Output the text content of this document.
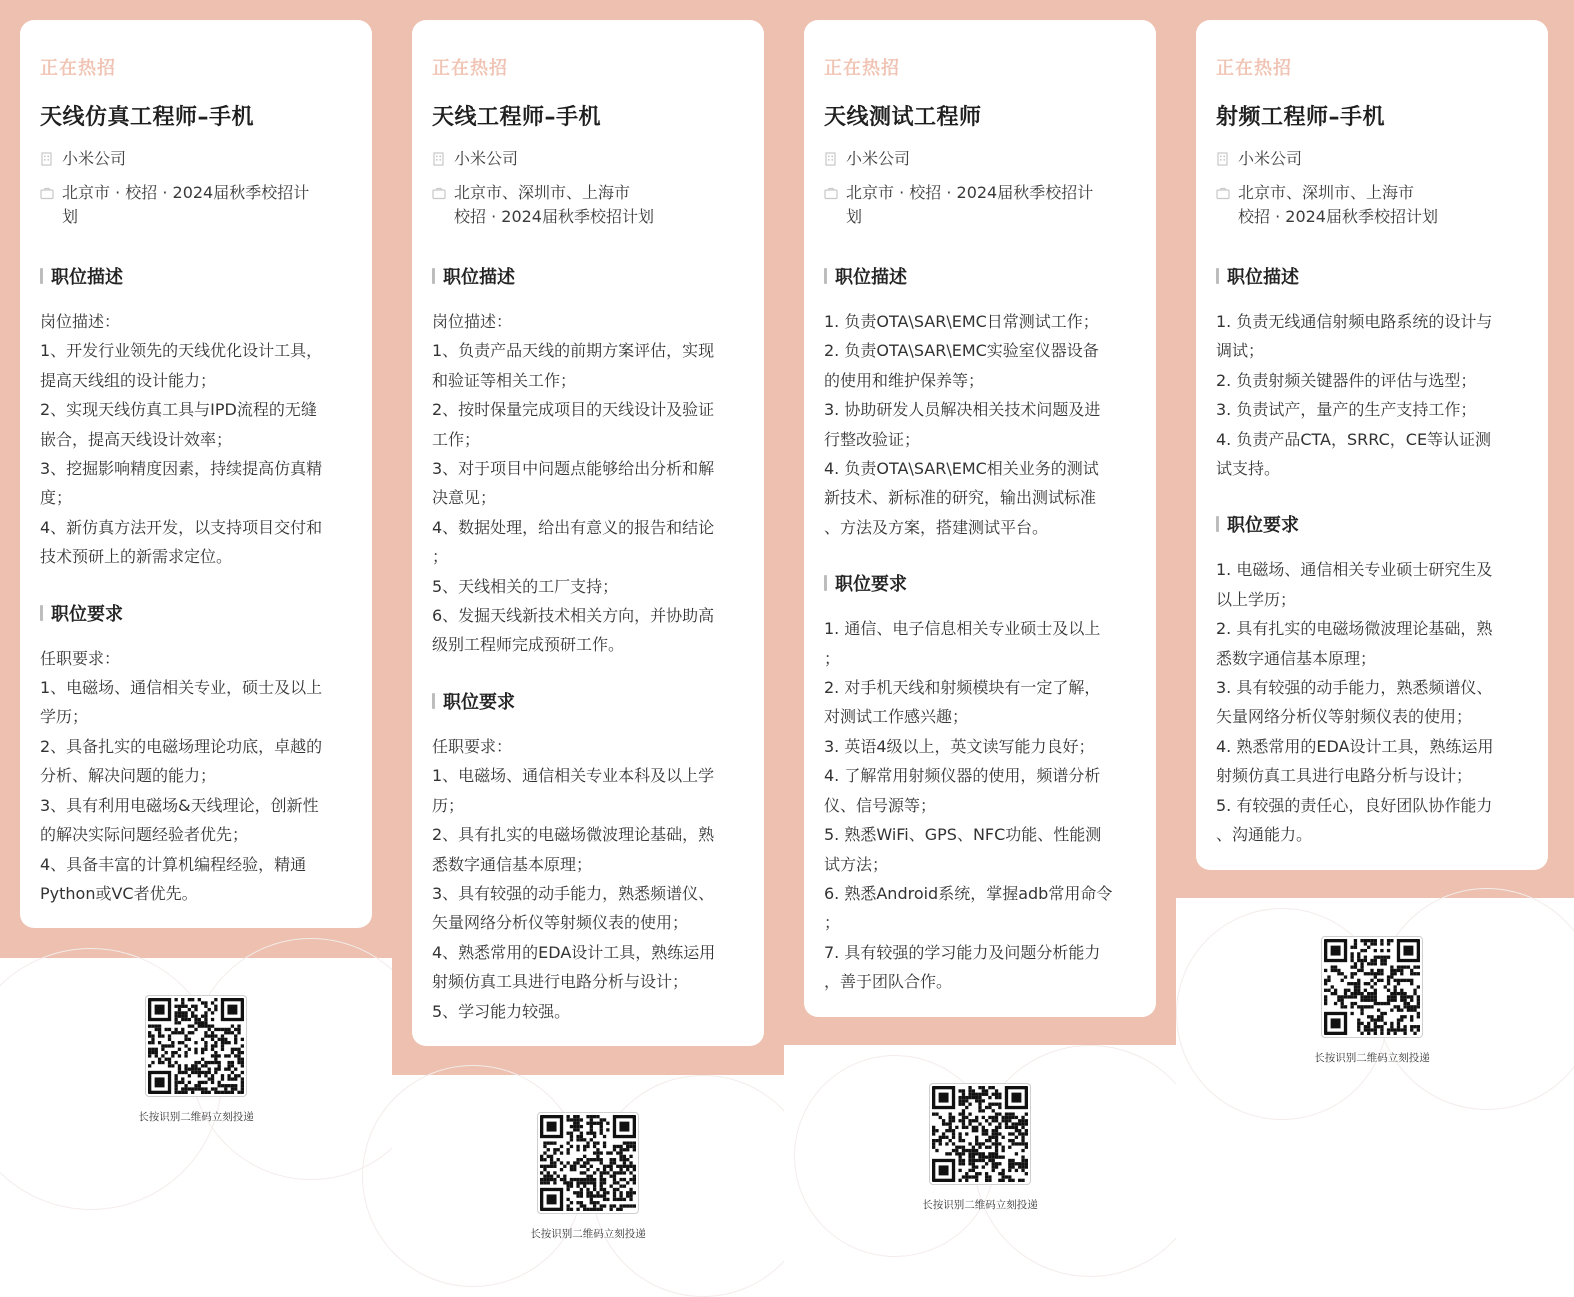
正在热招
天线仿真工程师–手机
小米公司
北京市 · 校招 · 2024届秋季校招计
划
职位描述
岗位描述：
1、开发行业领先的天线优化设计工具，
提高天线组的设计能力；
2、实现天线仿真工具与IPD流程的无缝
嵌合，提高天线设计效率；
3、挖掘影响精度因素，持续提高仿真精
度；
4、新仿真方法开发，以支持项目交付和
技术预研上的新需求定位。
职位要求
任职要求：
1、电磁场、通信相关专业，硕士及以上
学历；
2、具备扎实的电磁场理论功底，卓越的
分析、解决问题的能力；
3、具有利用电磁场&天线理论，创新性
的解决实际问题经验者优先；
4、具备丰富的计算机编程经验，精通
Python或VC者优先。
长按识别二维码立刻投递
正在热招
天线工程师–手机
小米公司
北京市、深圳市、上海市
校招 · 2024届秋季校招计划
职位描述
岗位描述：
1、负责产品天线的前期方案评估，实现
和验证等相关工作；
2、按时保量完成项目的天线设计及验证
工作；
3、对于项目中问题点能够给出分析和解
决意见；
4、数据处理，给出有意义的报告和结论
；
5、天线相关的工厂支持；
6、发掘天线新技术相关方向，并协助高
级别工程师完成预研工作。
职位要求
任职要求：
1、电磁场、通信相关专业本科及以上学
历；
2、具有扎实的电磁场微波理论基础，熟
悉数字通信基本原理；
3、具有较强的动手能力，熟悉频谱仪、
矢量网络分析仪等射频仪表的使用；
4、熟悉常用的EDA设计工具，熟练运用
射频仿真工具进行电路分析与设计；
5、学习能力较强。
长按识别二维码立刻投递
正在热招
天线测试工程师
小米公司
北京市 · 校招 · 2024届秋季校招计
划
职位描述
1. 负责OTA\SAR\EMC日常测试工作；
2. 负责OTA\SAR\EMC实验室仪器设备
的使用和维护保养等；
3. 协助研发人员解决相关技术问题及进
行整改验证；
4. 负责OTA\SAR\EMC相关业务的测试
新技术、新标准的研究，输出测试标准
、方法及方案，搭建测试平台。
职位要求
1. 通信、电子信息相关专业硕士及以上
；
2. 对手机天线和射频模块有一定了解，
对测试工作感兴趣；
3. 英语4级以上，英文读写能力良好；
4. 了解常用射频仪器的使用，频谱分析
仪、信号源等；
5. 熟悉WiFi、GPS、NFC功能、性能测
试方法；
6. 熟悉Android系统，掌握adb常用命令
；
7. 具有较强的学习能力及问题分析能力
，善于团队合作。
长按识别二维码立刻投递
正在热招
射频工程师–手机
小米公司
北京市、深圳市、上海市
校招 · 2024届秋季校招计划
职位描述
1. 负责无线通信射频电路系统的设计与
调试；
2. 负责射频关键器件的评估与选型；
3. 负责试产，量产的生产支持工作；
4. 负责产品CTA，SRRC，CE等认证测
试支持。
职位要求
1. 电磁场、通信相关专业硕士研究生及
以上学历；
2. 具有扎实的电磁场微波理论基础，熟
悉数字通信基本原理；
3. 具有较强的动手能力，熟悉频谱仪、
矢量网络分析仪等射频仪表的使用；
4. 熟悉常用的EDA设计工具，熟练运用
射频仿真工具进行电路分析与设计；
5. 有较强的责任心，良好团队协作能力
、沟通能力。
长按识别二维码立刻投递
